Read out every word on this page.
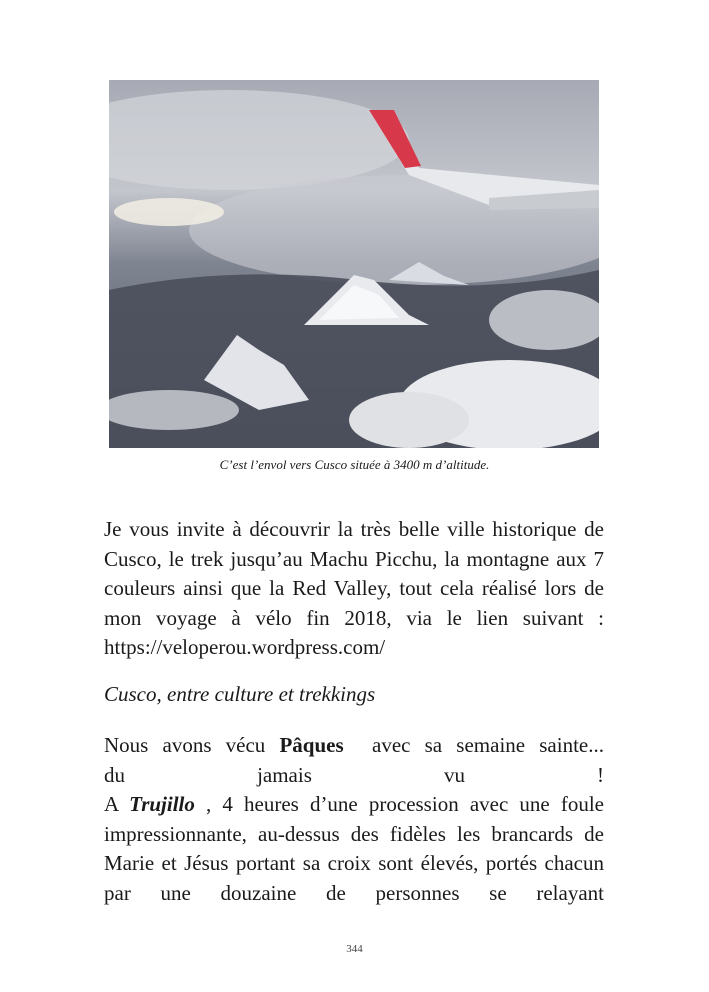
C’est l’envol vers Cusco située à 3400 m d’altitude.
Je vous invite à découvrir la très belle ville historique de Cusco, le trek jusqu’au Machu Picchu, la montagne aux 7 couleurs ainsi que la Red Valley, tout cela réalisé lors de mon voyage à vélo fin 2018, via le lien suivant : https://veloperou.wordpress.com/
Cusco, entre culture et trekkings
Nous avons vécu Pâques  avec sa semaine sainte...
du jamais vu !
A Trujillo , 4 heures d’une procession avec une foule impressionnante, au-dessus des fidèles les brancards de Marie et Jésus portant sa croix sont élevés, portés chacun par une douzaine de personnes se relayant
344
